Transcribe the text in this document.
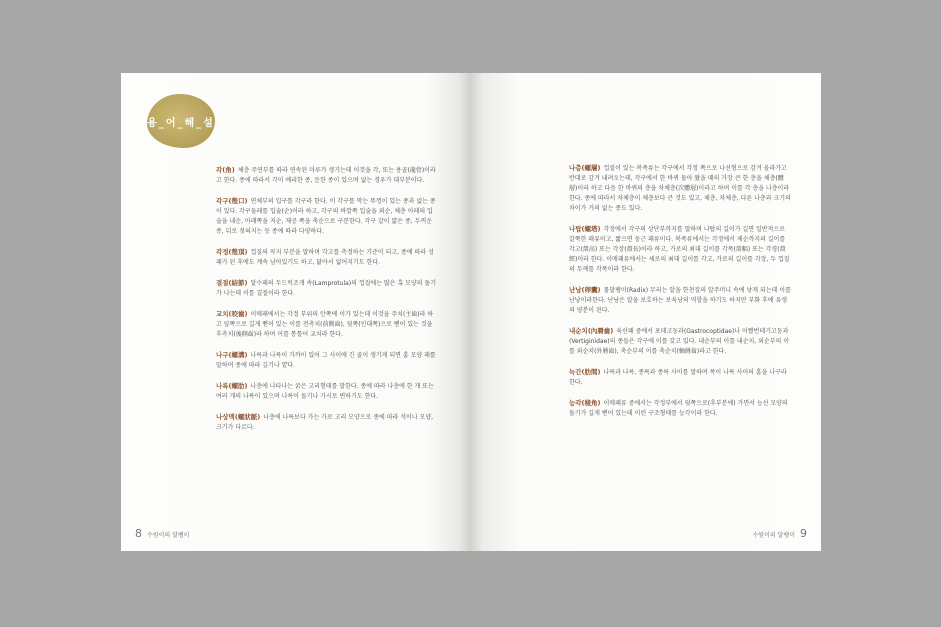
용_어_해_설

각(角) 체층 주연부를 따라 연속된 마루가 생기는데 이것을 각, 또는 용골(龍骨)이라고 한다. 종에 따라서 각이 예리한 종, 둔한 종이 있으며 없는 경우가 대부분이다.

각구(殼口) 연체부의 입구를 각구라 한다. 이 각구를 막는 뚜껑이 있는 종과 없는 종이 있다. 각구둘레를 입술(순)이라 하고, 각구의 바깥쪽 입술을 외순, 체층 아래의 입술을 내순, 아래쪽을 저순, 제공 쪽을 축순으로 구분한다. 각구 같이 얇은 종, 두꺼운 종, 뒤로 젖혀지는 등 종에 따라 다양하다.

각정(殼頂) 껍질의 꼭지 부분을 말하며 각고를 측정하는 기준이 되고, 종에 따라 성패가 된 후에도 계속 남아있기도 하고, 닳아서 없어지기도 한다.

결절(結節) 달수패의 두드럭조개 속(Lamprotula)의 껍질에는 많은 혹 모양의 돌기가 나는데 이를 결절이라 한다.

교치(咬齒) 이매패에서는 각정 부위의 안쪽에 이가 있는데 이것을 주치(主齒)라 하고 앞쪽으로 길게 뻗어 있는 이를 전측치(前側齒), 뒷쪽(인대쪽)으로 뻗어 있는 것을 후측치(後側齒)라 하며 이를 통틀어 교치라 한다.

나구(螺溝) 나륵과 나륵이 가까이 있어 그 사이에 긴 골이 생기게 되면 홈 모양 패를 말하며 종에 따라 깊기나 얕다.

나륵(螺肋) 나층에 나타나는 굵은 고리형태를 말한다. 종에 따라 나층에 한 개 또는 여러 개의 나륵이 있으며 나륵이 돌기나 가시로 변하기도 한다.

나상맥(螺狀脈) 나층에 나륵보다 가는 가로 고리 모양으로 종에 따라 석이나 모양, 크기가 다르다.

8 수원이의 달팽이

나층(螺層) 껍질이 있는 복족류는 각구에서 각정 쪽으로 나선형으로 감겨 올라가고 반대로 감겨 내려오는데, 각구에서 한 바퀴 돌아 왔을 때의 가장 큰 한 층을 체층(體層)이라 하고 다음 한 바퀴의 층을 차체층(次體層)이라고 하며 이를 각 층을 나층이라 한다. 종에 따라서 차체층이 체층보다 큰 것도 있고, 체층, 차체층, 다른 나층과 크기의 차이가 거의 없는 종도 있다.

나탑(螺塔) 각정에서 각구의 상단부까지를 말하며 나탑의 길이가 길면 일반적으로 갈쭉한 패류이고, 짧으면 둥근 패류이다. 복족류에서는 각정에서 제순까지의 길이를 각고(殼高) 또는 각장(殼長)이라 하고, 가로의 최대 길이를 각폭(殼幅) 또는 각경(殼經)이라 한다. 이매패류에서는 세로의 최대 길이를 각고, 가로의 길이를 각장, 두 껍질의 두께를 각폭이라 한다.

난낭(卵囊) 물달팽이(Radix) 무리는 알을 한천질의 알주머니 속에 낳게 되는데 이를 난낭이라한다. 난낭은 알을 보호하는 보육낭의 역할을 하기도 하지만 부화 후에 유생의 양분이 된다.

내순치(內脣齒) 육산패 중에서 포데고둥과(Gastrocoptidae)나 이빨번데기고둥과(Vertiginidae)의 종들은 각구에 이를 갖고 있다. 내순부의 이를 내순치, 외순부의 이를 외순치(外脣齒), 축순부의 이를 축순치(軸脣齒)라고 한다.

늑간(肋間) 나륵과 나륵, 종륵과 종륵 사이를 말하며 폭이 나륵 사이의 홈을 나구라 한다.

능각(稜角) 이매패류 중에서는 각정부에서 뒷쪽으로(후부분에) 가면서 능선 모양의 돌기가 길게 뻗어 있는데 이런 구조형태를 능각이라 한다.

수원이의 달팽이 9
